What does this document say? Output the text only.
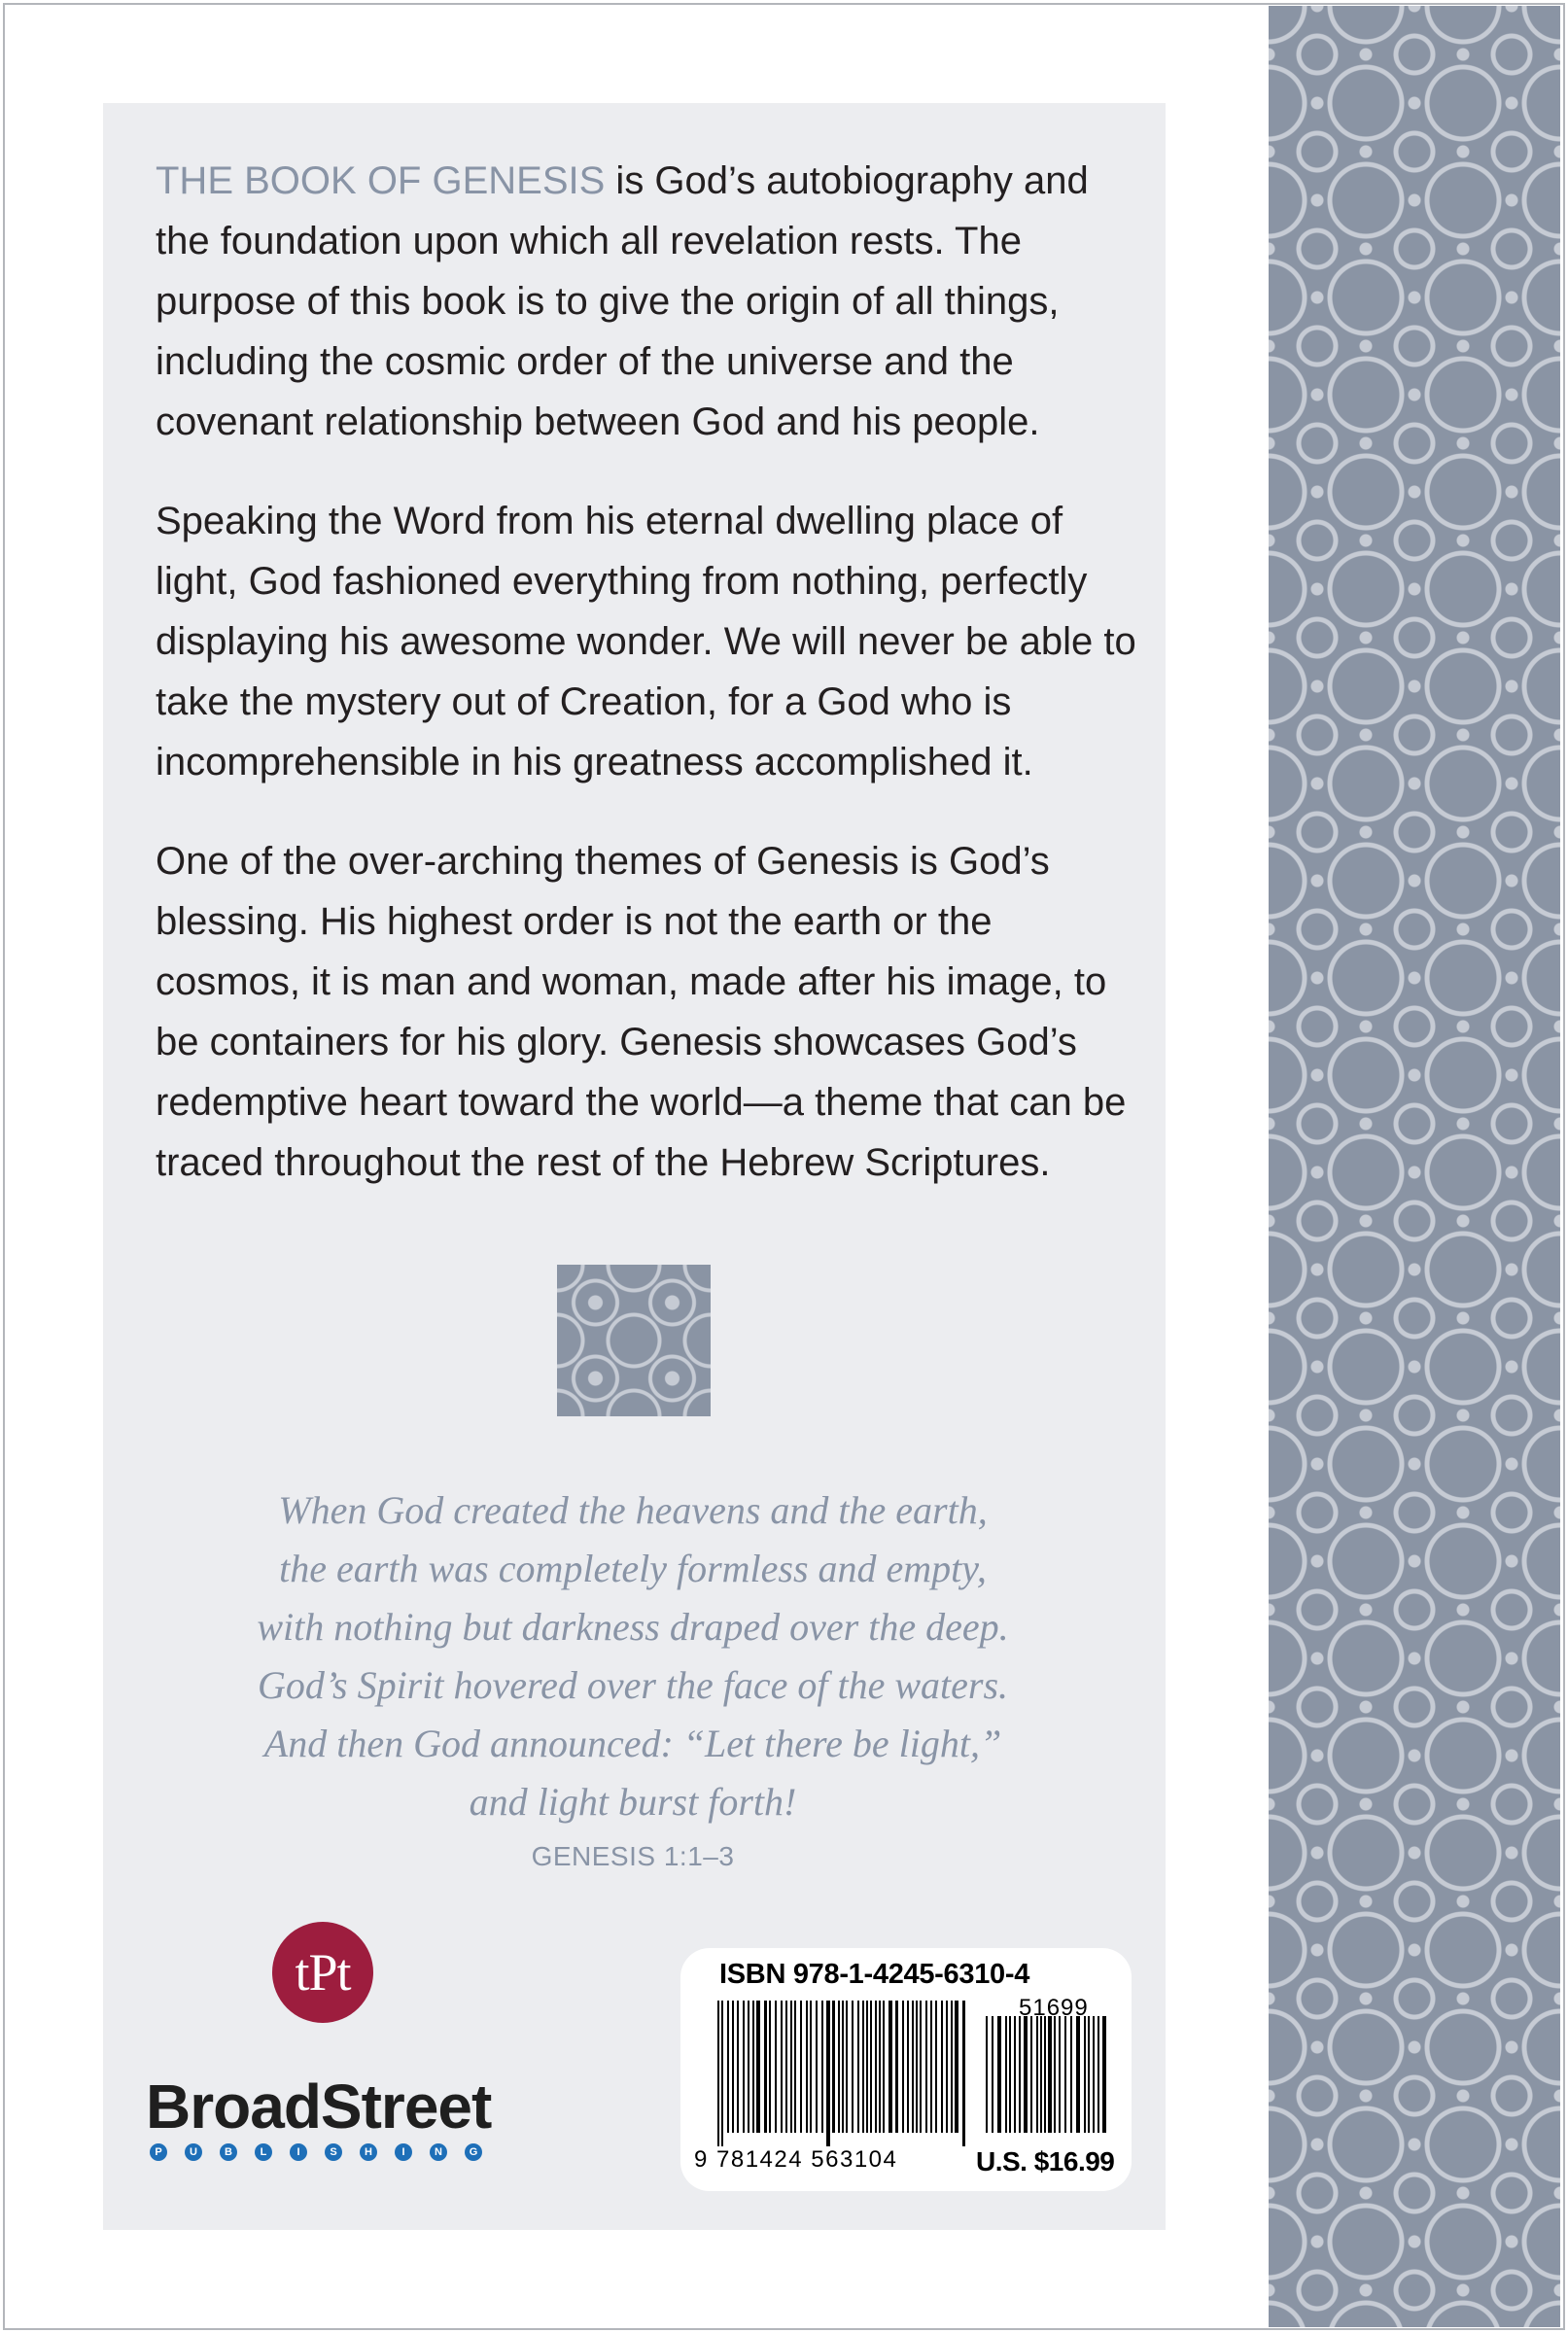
THE BOOK OF GENESIS is God’s autobiography and the foundation upon which all revelation rests. The purpose of this book is to give the origin of all things, including the cosmic order of the universe and the covenant relationship between God and his people.

Speaking the Word from his eternal dwelling place of light, God fashioned everything from nothing, perfectly displaying his awesome wonder. We will never be able to take the mystery out of Creation, for a God who is incomprehensible in his greatness accomplished it.

One of the over-arching themes of Genesis is God’s blessing. His highest order is not the earth or the cosmos, it is man and woman, made after his image, to be containers for his glory. Genesis showcases God’s redemptive heart toward the world—a theme that can be traced throughout the rest of the Hebrew Scriptures.

When God created the heavens and the earth,
the earth was completely formless and empty,
with nothing but darkness draped over the deep.
God’s Spirit hovered over the face of the waters.
And then God announced: “Let there be light,”
and light burst forth!
GENESIS 1:1–3
tPt
BroadStreet
P	U	B	L	I	S	H	I	N	G
ISBN 978-1-4245-6310-4
9 781424 563104
51699
U.S. $16.99
